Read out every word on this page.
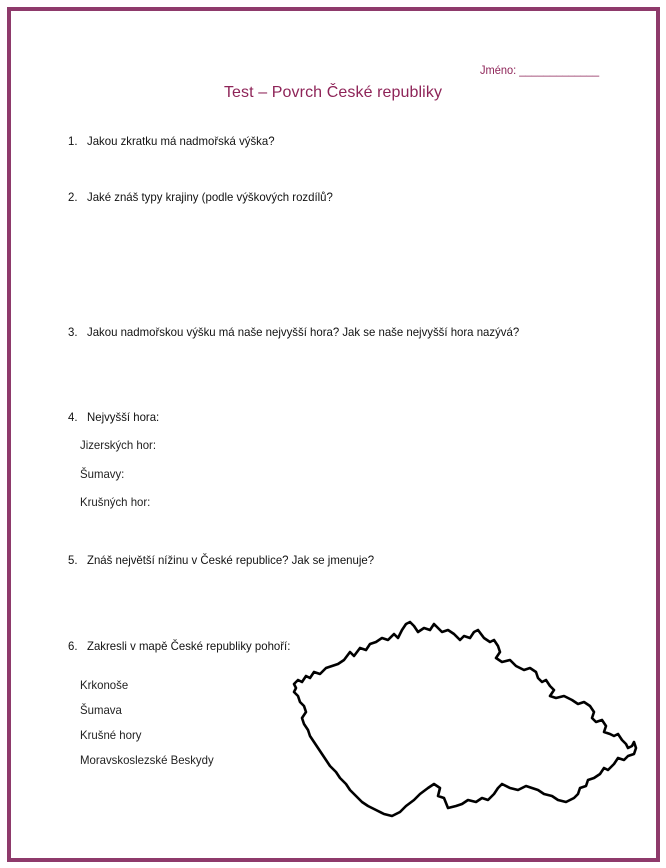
Jméno: _____________
Test – Povrch České republiky
1. Jakou zkratku má nadmořská výška?
2. Jaké znáš typy krajiny (podle výškových rozdílů?
3. Jakou nadmořskou výšku má naše nejvyšší hora? Jak se naše nejvyšší hora nazývá?
4. Nejvyšší hora:
Jizerských hor:
Šumavy:
Krušných hor:
5. Znáš největší nížinu v České republice? Jak se jmenuje?
6. Zakresli v mapě České republiky pohoří:
Krkonoše
Šumava
Krušné hory
Moravskoslezské Beskydy
